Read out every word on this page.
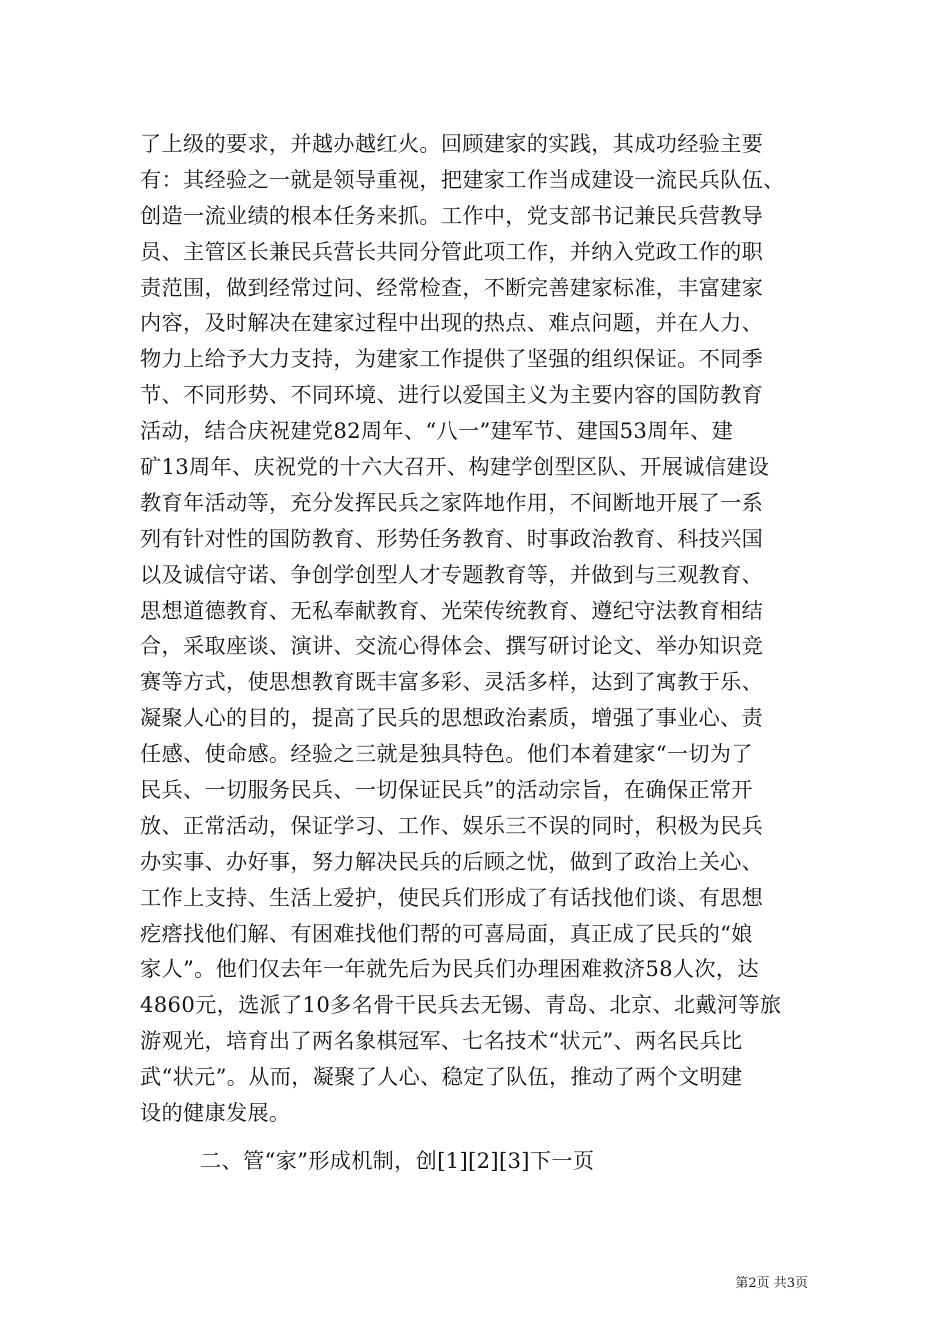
了上级的要求，并越办越红火。回顾建家的实践，其成功经验主要
有：其经验之一就是领导重视，把建家工作当成建设一流民兵队伍、
创造一流业绩的根本任务来抓。工作中，党支部书记兼民兵营教导
员、主管区长兼民兵营长共同分管此项工作，并纳入党政工作的职
责范围，做到经常过问、经常检查，不断完善建家标准，丰富建家
内容，及时解决在建家过程中出现的热点、难点问题，并在人力、
物力上给予大力支持，为建家工作提供了坚强的组织保证。不同季
节、不同形势、不同环境、进行以爱国主义为主要内容的国防教育
活动，结合庆祝建党82周年、“八一”建军节、建国53周年、建
矿13周年、庆祝党的十六大召开、构建学创型区队、开展诚信建设
教育年活动等，充分发挥民兵之家阵地作用，不间断地开展了一系
列有针对性的国防教育、形势任务教育、时事政治教育、科技兴国
以及诚信守诺、争创学创型人才专题教育等，并做到与三观教育、
思想道德教育、无私奉献教育、光荣传统教育、遵纪守法教育相结
合，采取座谈、演讲、交流心得体会、撰写研讨论文、举办知识竞
赛等方式，使思想教育既丰富多彩、灵活多样，达到了寓教于乐、
凝聚人心的目的，提高了民兵的思想政治素质，增强了事业心、责
任感、使命感。经验之三就是独具特色。他们本着建家“一切为了
民兵、一切服务民兵、一切保证民兵”的活动宗旨，在确保正常开
放、正常活动，保证学习、工作、娱乐三不误的同时，积极为民兵
办实事、办好事，努力解决民兵的后顾之忧，做到了政治上关心、
工作上支持、生活上爱护，使民兵们形成了有话找他们谈、有思想
疙瘩找他们解、有困难找他们帮的可喜局面，真正成了民兵的“娘
家人”。他们仅去年一年就先后为民兵们办理困难救济58人次，达
4860元，选派了10多名骨干民兵去无锡、青岛、北京、北戴河等旅
游观光，培育出了两名象棋冠军、七名技术“状元”、两名民兵比
武“状元”。从而，凝聚了人心、稳定了队伍，推动了两个文明建
设的健康发展。
二、管“家”形成机制，创[1][2][3]下一页
第2页 共3页
